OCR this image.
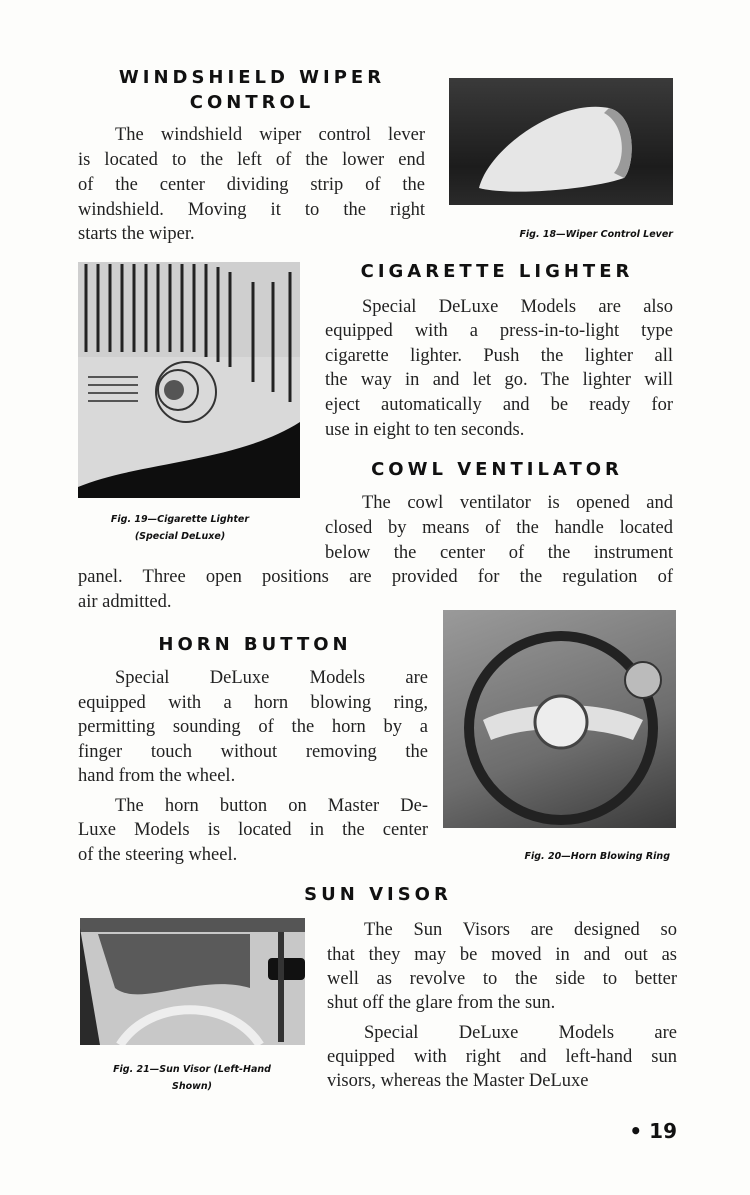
WINDSHIELD WIPER
CONTROL
The windshield wiper control lever
is located to the left of the lower end
of the center dividing strip of the
windshield. Moving it to the right
starts the wiper.
CIGARETTE LIGHTER
Special DeLuxe Models are also
equipped with a press-in-to-light type
cigarette lighter. Push the lighter all
the way in and let go. The lighter will
eject automatically and be ready for
use in eight to ten seconds.
COWL VENTILATOR
The cowl ventilator is opened and
closed by means of the handle located
below the center of the instrument
panel. Three open positions are provided for the regulation of
air admitted.
HORN BUTTON
Special DeLuxe Models are
equipped with a horn blowing ring,
permitting sounding of the horn by a
finger touch without removing the
hand from the wheel.
The horn button on Master De-
Luxe Models is located in the center
of the steering wheel.
SUN VISOR
The Sun Visors are designed so
that they may be moved in and out as
well as revolve to the side to better
shut off the glare from the sun.
Special DeLuxe Models are
equipped with right and left-hand sun
visors, whereas the Master DeLuxe
Fig. 18—Wiper Control Lever
Fig. 19—Cigarette Lighter
(Special DeLuxe)
Fig. 20—Horn Blowing Ring
Fig. 21—Sun Visor (Left-Hand
Shown)
• 19
